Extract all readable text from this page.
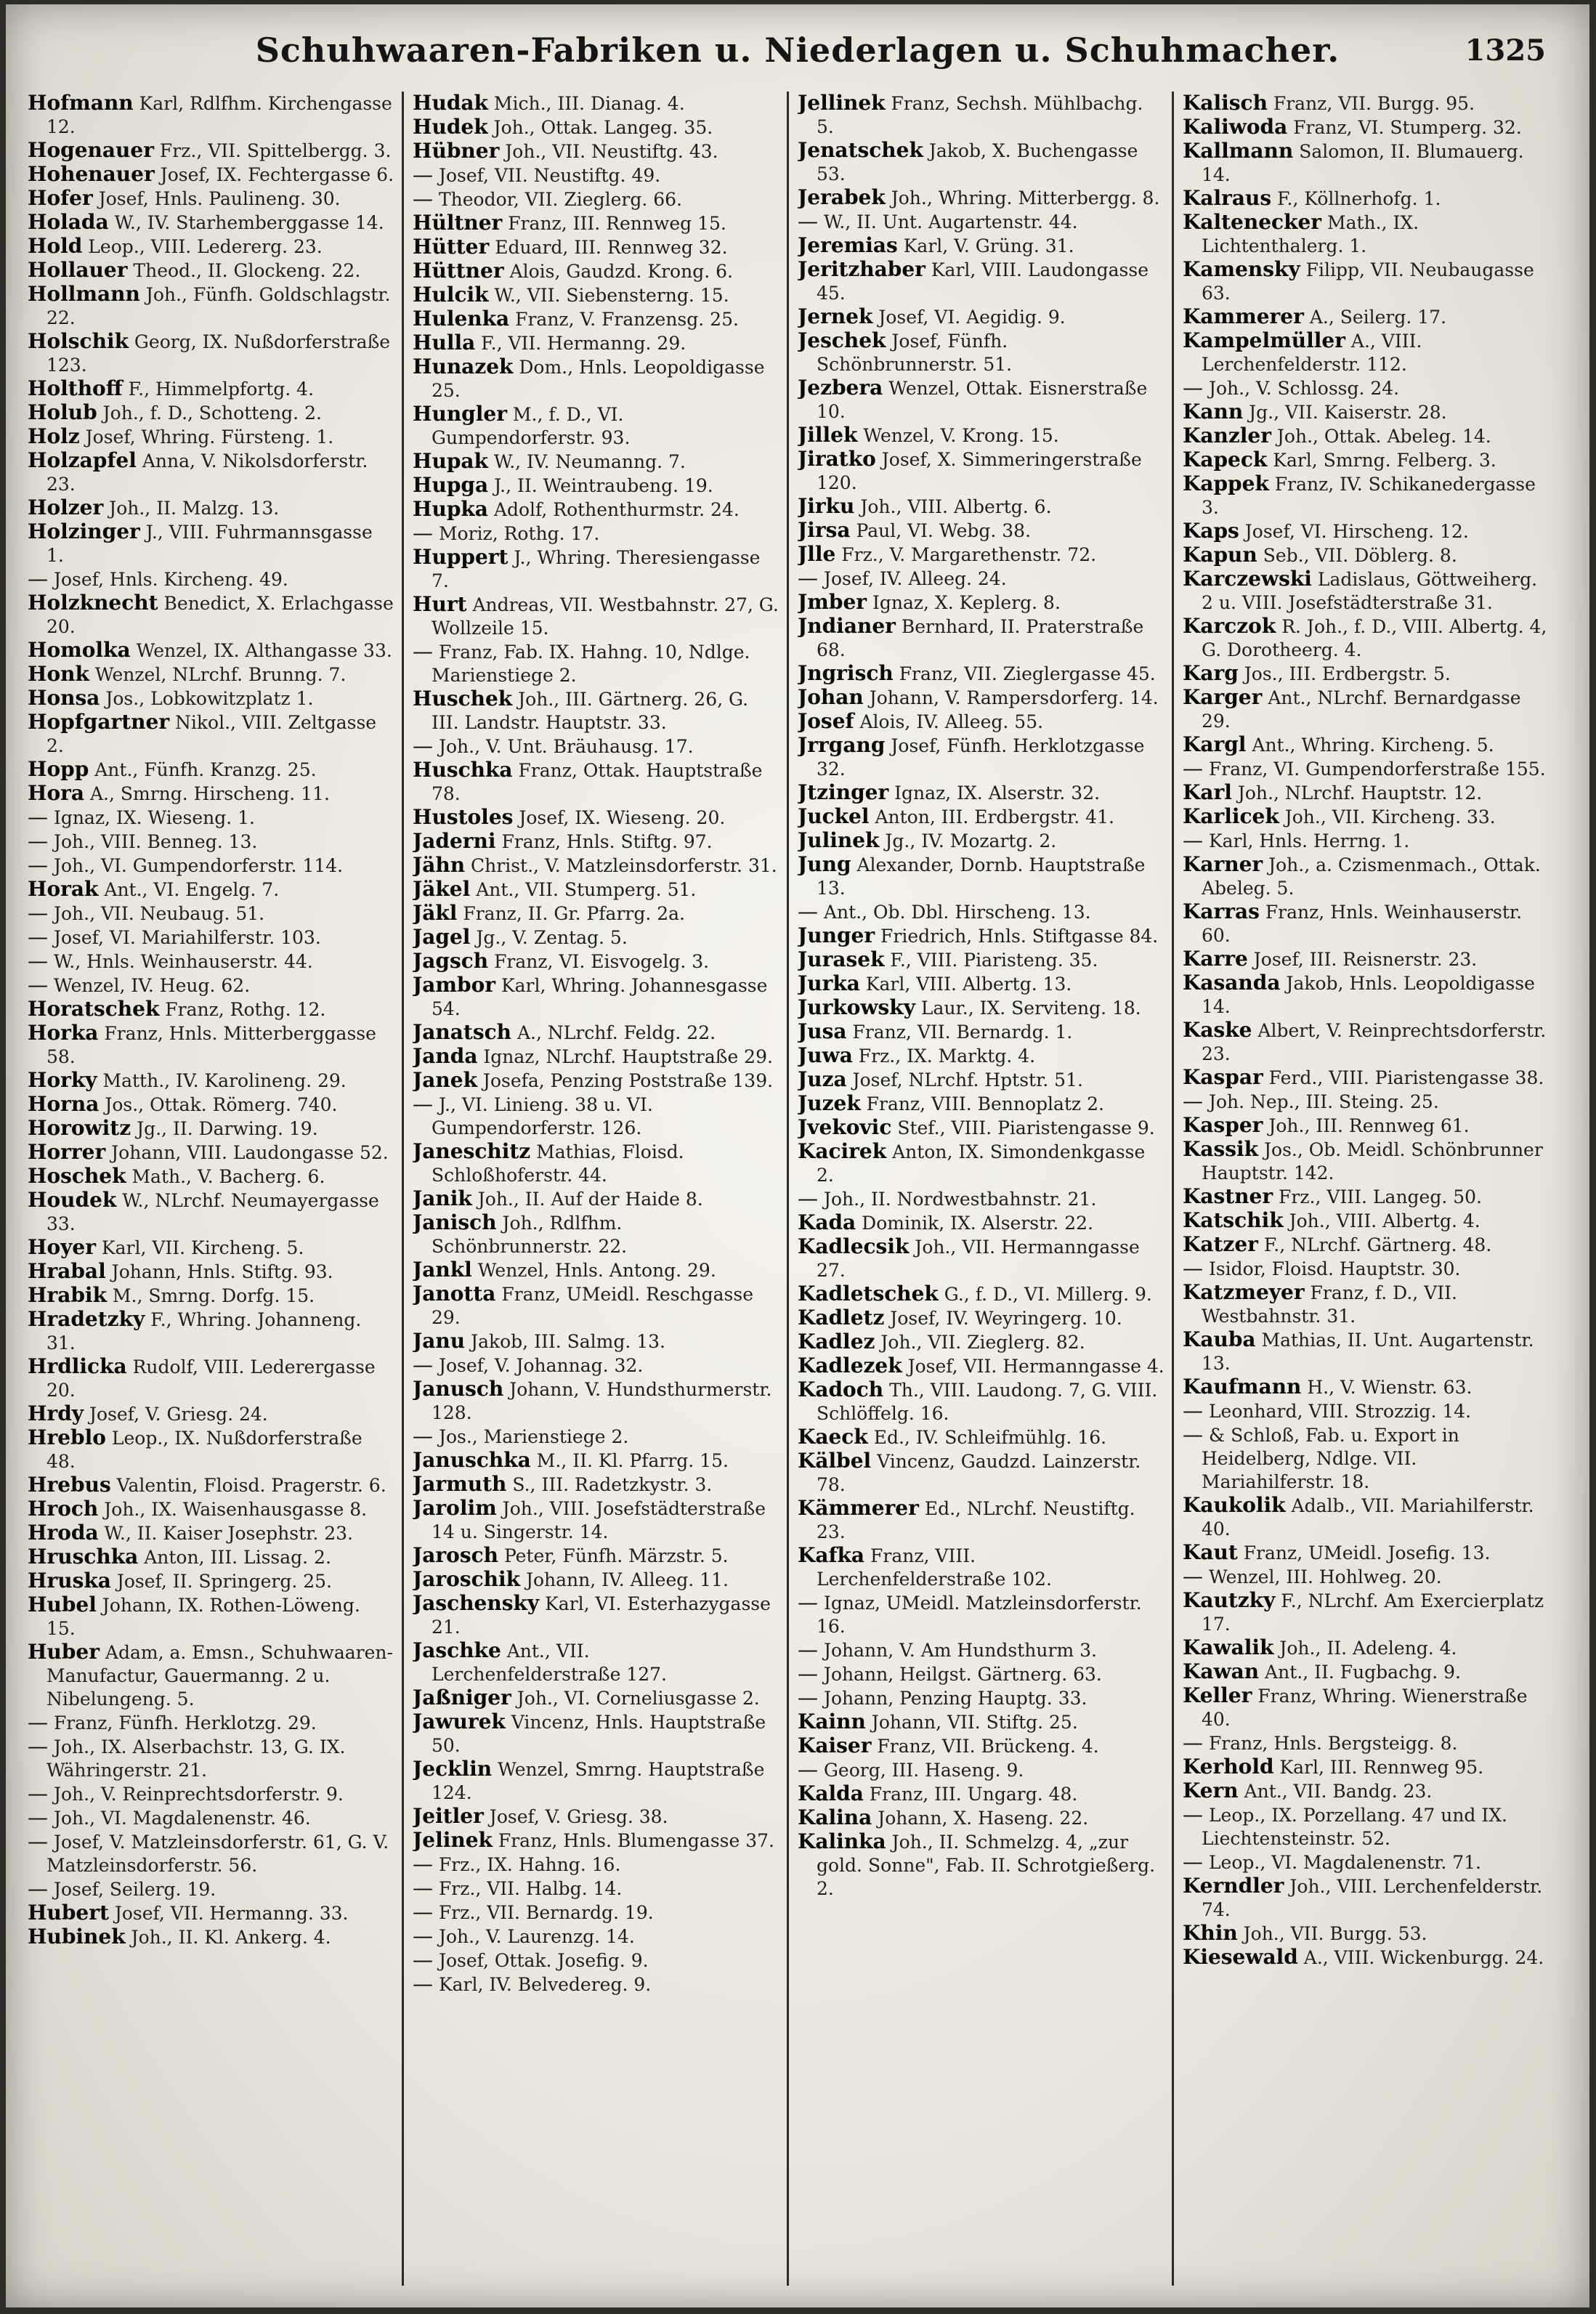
Schuhwaaren-Fabriken u. Niederlagen u. Schuhmacher.	1325

Hofmann Karl, Rdlfhm. Kirchengasse 12.

Hogenauer Frz., VII. Spittelbergg. 3.

Hohenauer Josef, IX. Fechtergasse 6.

Hofer Josef, Hnls. Paulineng. 30.

Holada W., IV. Starhemberggasse 14.

Hold Leop., VIII. Ledererg. 23.

Hollauer Theod., II. Glockeng. 22.

Hollmann Joh., Fünfh. Goldschlagstr. 22.

Holschik Georg, IX. Nußdorferstraße 123.

Holthoff F., Himmelpfortg. 4.

Holub Joh., f. D., Schotteng. 2.

Holz Josef, Whring. Fürsteng. 1.

Holzapfel Anna, V. Nikolsdorferstr. 23.

Holzer Joh., II. Malzg. 13.

Holzinger J., VIII. Fuhrmannsgasse 1.

— Josef, Hnls. Kircheng. 49.

Holzknecht Benedict, X. Erlachgasse 20.

Homolka Wenzel, IX. Althangasse 33.

Honk Wenzel, NLrchf. Brunng. 7.

Honsa Jos., Lobkowitzplatz 1.

Hopfgartner Nikol., VIII. Zeltgasse 2.

Hopp Ant., Fünfh. Kranzg. 25.

Hora A., Smrng. Hirscheng. 11.

— Ignaz, IX. Wieseng. 1.

— Joh., VIII. Benneg. 13.

— Joh., VI. Gumpendorferstr. 114.

Horak Ant., VI. Engelg. 7.

— Joh., VII. Neubaug. 51.

— Josef, VI. Mariahilferstr. 103.

— W., Hnls. Weinhauserstr. 44.

— Wenzel, IV. Heug. 62.

Horatschek Franz, Rothg. 12.

Horka Franz, Hnls. Mitterberggasse 58.

Horky Matth., IV. Karolineng. 29.

Horna Jos., Ottak. Römerg. 740.

Horowitz Jg., II. Darwing. 19.

Horrer Johann, VIII. Laudongasse 52.

Hoschek Math., V. Bacherg. 6.

Houdek W., NLrchf. Neumayergasse 33.

Hoyer Karl, VII. Kircheng. 5.

Hrabal Johann, Hnls. Stiftg. 93.

Hrabik M., Smrng. Dorfg. 15.

Hradetzky F., Whring. Johanneng. 31.

Hrdlicka Rudolf, VIII. Lederergasse 20.

Hrdy Josef, V. Griesg. 24.

Hreblo Leop., IX. Nußdorferstraße 48.

Hrebus Valentin, Floisd. Pragerstr. 6.

Hroch Joh., IX. Waisenhausgasse 8.

Hroda W., II. Kaiser Josephstr. 23.

Hruschka Anton, III. Lissag. 2.

Hruska Josef, II. Springerg. 25.

Hubel Johann, IX. Rothen-Löweng. 15.

Huber Adam, a. Emsn., Schuhwaaren-Manufactur, Gauermanng. 2 u. Nibelungeng. 5.

— Franz, Fünfh. Herklotzg. 29.

— Joh., IX. Alserbachstr. 13, G. IX. Währingerstr. 21.

— Joh., V. Reinprechtsdorferstr. 9.

— Joh., VI. Magdalenenstr. 46.

— Josef, V. Matzleinsdorferstr. 61, G. V. Matzleinsdorferstr. 56.

— Josef, Seilerg. 19.

Hubert Josef, VII. Hermanng. 33.

Hubinek Joh., II. Kl. Ankerg. 4.

Hudak Mich., III. Dianag. 4.

Hudek Joh., Ottak. Langeg. 35.

Hübner Joh., VII. Neustiftg. 43.

— Josef, VII. Neustiftg. 49.

— Theodor, VII. Zieglerg. 66.

Hültner Franz, III. Rennweg 15.

Hütter Eduard, III. Rennweg 32.

Hüttner Alois, Gaudzd. Krong. 6.

Hulcik W., VII. Siebensterng. 15.

Hulenka Franz, V. Franzensg. 25.

Hulla F., VII. Hermanng. 29.

Hunazek Dom., Hnls. Leopoldigasse 25.

Hungler M., f. D., VI. Gumpendorferstr. 93.

Hupak W., IV. Neumanng. 7.

Hupga J., II. Weintraubeng. 19.

Hupka Adolf, Rothenthurmstr. 24.

— Moriz, Rothg. 17.

Huppert J., Whring. Theresiengasse 7.

Hurt Andreas, VII. Westbahnstr. 27, G. Wollzeile 15.

— Franz, Fab. IX. Hahng. 10, Ndlge. Marienstiege 2.

Huschek Joh., III. Gärtnerg. 26, G. III. Landstr. Hauptstr. 33.

— Joh., V. Unt. Bräuhausg. 17.

Huschka Franz, Ottak. Hauptstraße 78.

Hustoles Josef, IX. Wieseng. 20.

Jaderni Franz, Hnls. Stiftg. 97.

Jähn Christ., V. Matzleinsdorferstr. 31.

Jäkel Ant., VII. Stumperg. 51.

Jäkl Franz, II. Gr. Pfarrg. 2a.

Jagel Jg., V. Zentag. 5.

Jagsch Franz, VI. Eisvogelg. 3.

Jambor Karl, Whring. Johannesgasse 54.

Janatsch A., NLrchf. Feldg. 22.

Janda Ignaz, NLrchf. Hauptstraße 29.

Janek Josefa, Penzing Poststraße 139.

— J., VI. Linieng. 38 u. VI. Gumpendorferstr. 126.

Janeschitz Mathias, Floisd. Schloßhoferstr. 44.

Janik Joh., II. Auf der Haide 8.

Janisch Joh., Rdlfhm. Schönbrunnerstr. 22.

Jankl Wenzel, Hnls. Antong. 29.

Janotta Franz, UMeidl. Reschgasse 29.

Janu Jakob, III. Salmg. 13.

— Josef, V. Johannag. 32.

Janusch Johann, V. Hundsthurmerstr. 128.

— Jos., Marienstiege 2.

Januschka M., II. Kl. Pfarrg. 15.

Jarmuth S., III. Radetzkystr. 3.

Jarolim Joh., VIII. Josefstädterstraße 14 u. Singerstr. 14.

Jarosch Peter, Fünfh. Märzstr. 5.

Jaroschik Johann, IV. Alleeg. 11.

Jaschensky Karl, VI. Esterhazygasse 21.

Jaschke Ant., VII. Lerchenfelderstraße 127.

Jaßniger Joh., VI. Corneliusgasse 2.

Jawurek Vincenz, Hnls. Hauptstraße 50.

Jecklin Wenzel, Smrng. Hauptstraße 124.

Jeitler Josef, V. Griesg. 38.

Jelinek Franz, Hnls. Blumengasse 37.

— Frz., IX. Hahng. 16.

— Frz., VII. Halbg. 14.

— Frz., VII. Bernardg. 19.

— Joh., V. Laurenzg. 14.

— Josef, Ottak. Josefig. 9.

— Karl, IV. Belvedereg. 9.

Jellinek Franz, Sechsh. Mühlbachg. 5.

Jenatschek Jakob, X. Buchengasse 53.

Jerabek Joh., Whring. Mitterbergg. 8.

— W., II. Unt. Augartenstr. 44.

Jeremias Karl, V. Grüng. 31.

Jeritzhaber Karl, VIII. Laudongasse 45.

Jernek Josef, VI. Aegidig. 9.

Jeschek Josef, Fünfh. Schönbrunnerstr. 51.

Jezbera Wenzel, Ottak. Eisnerstraße 10.

Jillek Wenzel, V. Krong. 15.

Jiratko Josef, X. Simmeringerstraße 120.

Jirku Joh., VIII. Albertg. 6.

Jirsa Paul, VI. Webg. 38.

Jlle Frz., V. Margarethenstr. 72.

— Josef, IV. Alleeg. 24.

Jmber Ignaz, X. Keplerg. 8.

Jndianer Bernhard, II. Praterstraße 68.

Jngrisch Franz, VII. Zieglergasse 45.

Johan Johann, V. Rampersdorferg. 14.

Josef Alois, IV. Alleeg. 55.

Jrrgang Josef, Fünfh. Herklotzgasse 32.

Jtzinger Ignaz, IX. Alserstr. 32.

Juckel Anton, III. Erdbergstr. 41.

Julinek Jg., IV. Mozartg. 2.

Jung Alexander, Dornb. Hauptstraße 13.

— Ant., Ob. Dbl. Hirscheng. 13.

Junger Friedrich, Hnls. Stiftgasse 84.

Jurasek F., VIII. Piaristeng. 35.

Jurka Karl, VIII. Albertg. 13.

Jurkowsky Laur., IX. Serviteng. 18.

Jusa Franz, VII. Bernardg. 1.

Juwa Frz., IX. Marktg. 4.

Juza Josef, NLrchf. Hptstr. 51.

Juzek Franz, VIII. Bennoplatz 2.

Jvekovic Stef., VIII. Piaristengasse 9.

Kacirek Anton, IX. Simondenkgasse 2.

— Joh., II. Nordwestbahnstr. 21.

Kada Dominik, IX. Alserstr. 22.

Kadlecsik Joh., VII. Hermanngasse 27.

Kadletschek G., f. D., VI. Millerg. 9.

Kadletz Josef, IV. Weyringerg. 10.

Kadlez Joh., VII. Zieglerg. 82.

Kadlezek Josef, VII. Hermanngasse 4.

Kadoch Th., VIII. Laudong. 7, G. VIII. Schlöffelg. 16.

Kaeck Ed., IV. Schleifmühlg. 16.

Kälbel Vincenz, Gaudzd. Lainzerstr. 78.

Kämmerer Ed., NLrchf. Neustiftg. 23.

Kafka Franz, VIII. Lerchenfelderstraße 102.

— Ignaz, UMeidl. Matzleinsdorferstr. 16.

— Johann, V. Am Hundsthurm 3.

— Johann, Heilgst. Gärtnerg. 63.

— Johann, Penzing Hauptg. 33.

Kainn Johann, VII. Stiftg. 25.

Kaiser Franz, VII. Brückeng. 4.

— Georg, III. Haseng. 9.

Kalda Franz, III. Ungarg. 48.

Kalina Johann, X. Haseng. 22.

Kalinka Joh., II. Schmelzg. 4, „zur gold. Sonne", Fab. II. Schrotgießerg. 2.

Kalisch Franz, VII. Burgg. 95.

Kaliwoda Franz, VI. Stumperg. 32.

Kallmann Salomon, II. Blumauerg. 14.

Kalraus F., Köllnerhofg. 1.

Kaltenecker Math., IX. Lichtenthalerg. 1.

Kamensky Filipp, VII. Neubaugasse 63.

Kammerer A., Seilerg. 17.

Kampelmüller A., VIII. Lerchenfelderstr. 112.

— Joh., V. Schlossg. 24.

Kann Jg., VII. Kaiserstr. 28.

Kanzler Joh., Ottak. Abeleg. 14.

Kapeck Karl, Smrng. Felberg. 3.

Kappek Franz, IV. Schikanedergasse 3.

Kaps Josef, VI. Hirscheng. 12.

Kapun Seb., VII. Döblerg. 8.

Karczewski Ladislaus, Göttweiherg. 2 u. VIII. Josefstädterstraße 31.

Karczok R. Joh., f. D., VIII. Albertg. 4, G. Dorotheerg. 4.

Karg Jos., III. Erdbergstr. 5.

Karger Ant., NLrchf. Bernardgasse 29.

Kargl Ant., Whring. Kircheng. 5.

— Franz, VI. Gumpendorferstraße 155.

Karl Joh., NLrchf. Hauptstr. 12.

Karlicek Joh., VII. Kircheng. 33.

— Karl, Hnls. Herrng. 1.

Karner Joh., a. Czismenmach., Ottak. Abeleg. 5.

Karras Franz, Hnls. Weinhauserstr. 60.

Karre Josef, III. Reisnerstr. 23.

Kasanda Jakob, Hnls. Leopoldigasse 14.

Kaske Albert, V. Reinprechtsdorferstr. 23.

Kaspar Ferd., VIII. Piaristengasse 38.

— Joh. Nep., III. Steing. 25.

Kasper Joh., III. Rennweg 61.

Kassik Jos., Ob. Meidl. Schönbrunner Hauptstr. 142.

Kastner Frz., VIII. Langeg. 50.

Katschik Joh., VIII. Albertg. 4.

Katzer F., NLrchf. Gärtnerg. 48.

— Isidor, Floisd. Hauptstr. 30.

Katzmeyer Franz, f. D., VII. Westbahnstr. 31.

Kauba Mathias, II. Unt. Augartenstr. 13.

Kaufmann H., V. Wienstr. 63.

— Leonhard, VIII. Strozzig. 14.

— & Schloß, Fab. u. Export in Heidelberg, Ndlge. VII. Mariahilferstr. 18.

Kaukolik Adalb., VII. Mariahilferstr. 40.

Kaut Franz, UMeidl. Josefig. 13.

— Wenzel, III. Hohlweg. 20.

Kautzky F., NLrchf. Am Exercierplatz 17.

Kawalik Joh., II. Adeleng. 4.

Kawan Ant., II. Fugbachg. 9.

Keller Franz, Whring. Wienerstraße 40.

— Franz, Hnls. Bergsteigg. 8.

Kerhold Karl, III. Rennweg 95.

Kern Ant., VII. Bandg. 23.

— Leop., IX. Porzellang. 47 und IX. Liechtensteinstr. 52.

— Leop., VI. Magdalenenstr. 71.

Kerndler Joh., VIII. Lerchenfelderstr. 74.

Khin Joh., VII. Burgg. 53.

Kiesewald A., VIII. Wickenburgg. 24.
